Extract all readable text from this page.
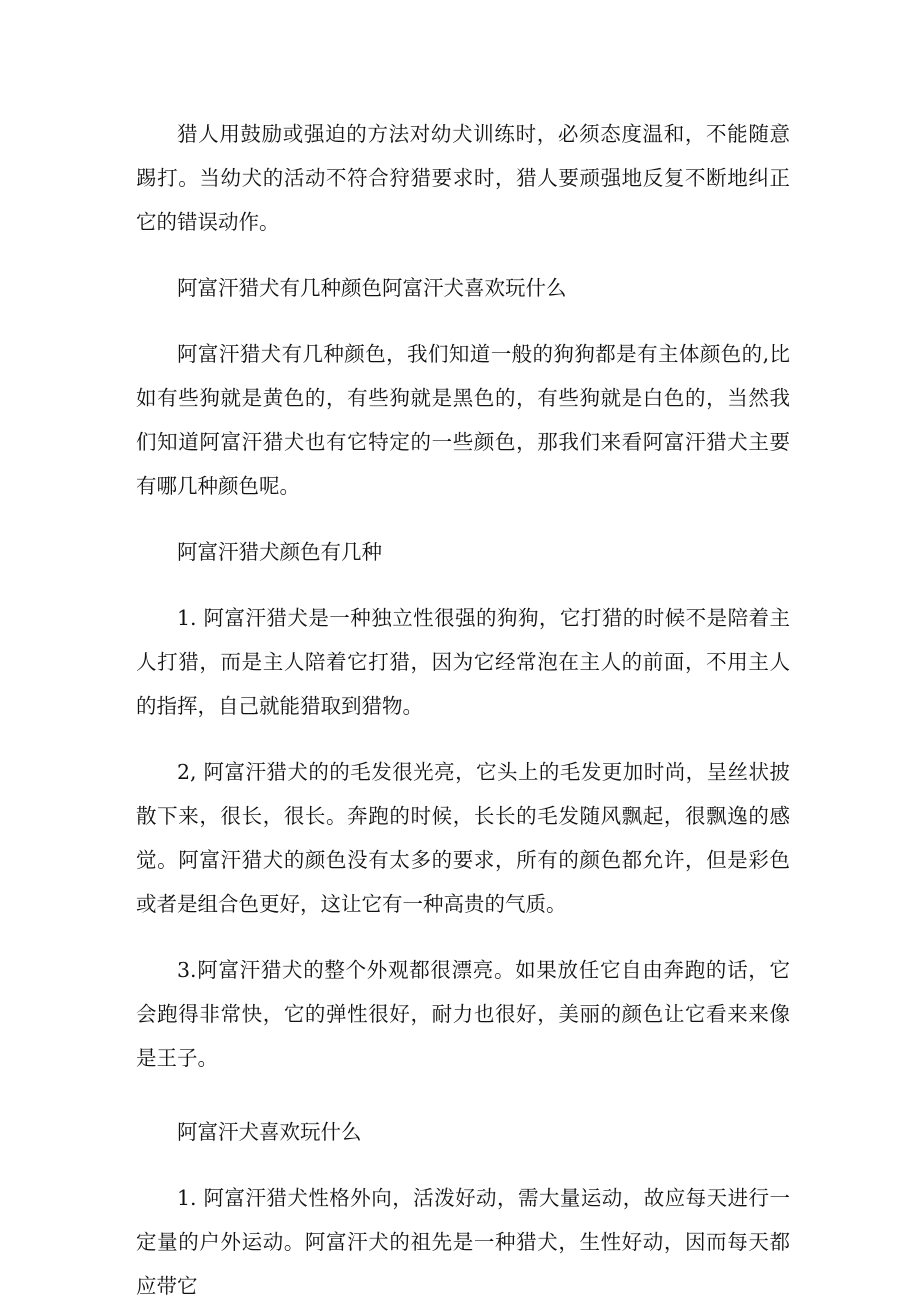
猎人用鼓励或强迫的方法对幼犬训练时，必须态度温和，不能随意踢打。当幼犬的活动不符合狩猎要求时，猎人要顽强地反复不断地纠正它的错误动作。

阿富汗猎犬有几种颜色阿富汗犬喜欢玩什么

阿富汗猎犬有几种颜色，我们知道一般的狗狗都是有主体颜色的,比如有些狗就是黄色的，有些狗就是黑色的，有些狗就是白色的，当然我们知道阿富汗猎犬也有它特定的一些颜色，那我们来看阿富汗猎犬主要有哪几种颜色呢。

阿富汗猎犬颜色有几种

1. 阿富汗猎犬是一种独立性很强的狗狗，它打猎的时候不是陪着主人打猎，而是主人陪着它打猎，因为它经常泡在主人的前面，不用主人的指挥，自己就能猎取到猎物。

2, 阿富汗猎犬的的毛发很光亮，它头上的毛发更加时尚，呈丝状披散下来，很长，很长。奔跑的时候，长长的毛发随风飘起，很飘逸的感觉。阿富汗猎犬的颜色没有太多的要求，所有的颜色都允许，但是彩色或者是组合色更好，这让它有一种高贵的气质。

3.阿富汗猎犬的整个外观都很漂亮。如果放任它自由奔跑的话，它会跑得非常快，它的弹性很好，耐力也很好，美丽的颜色让它看来来像是王子。

阿富汗犬喜欢玩什么

1. 阿富汗猎犬性格外向，活泼好动，需大量运动，故应每天进行一定量的户外运动。阿富汗犬的祖先是一种猎犬，生性好动，因而每天都应带它
